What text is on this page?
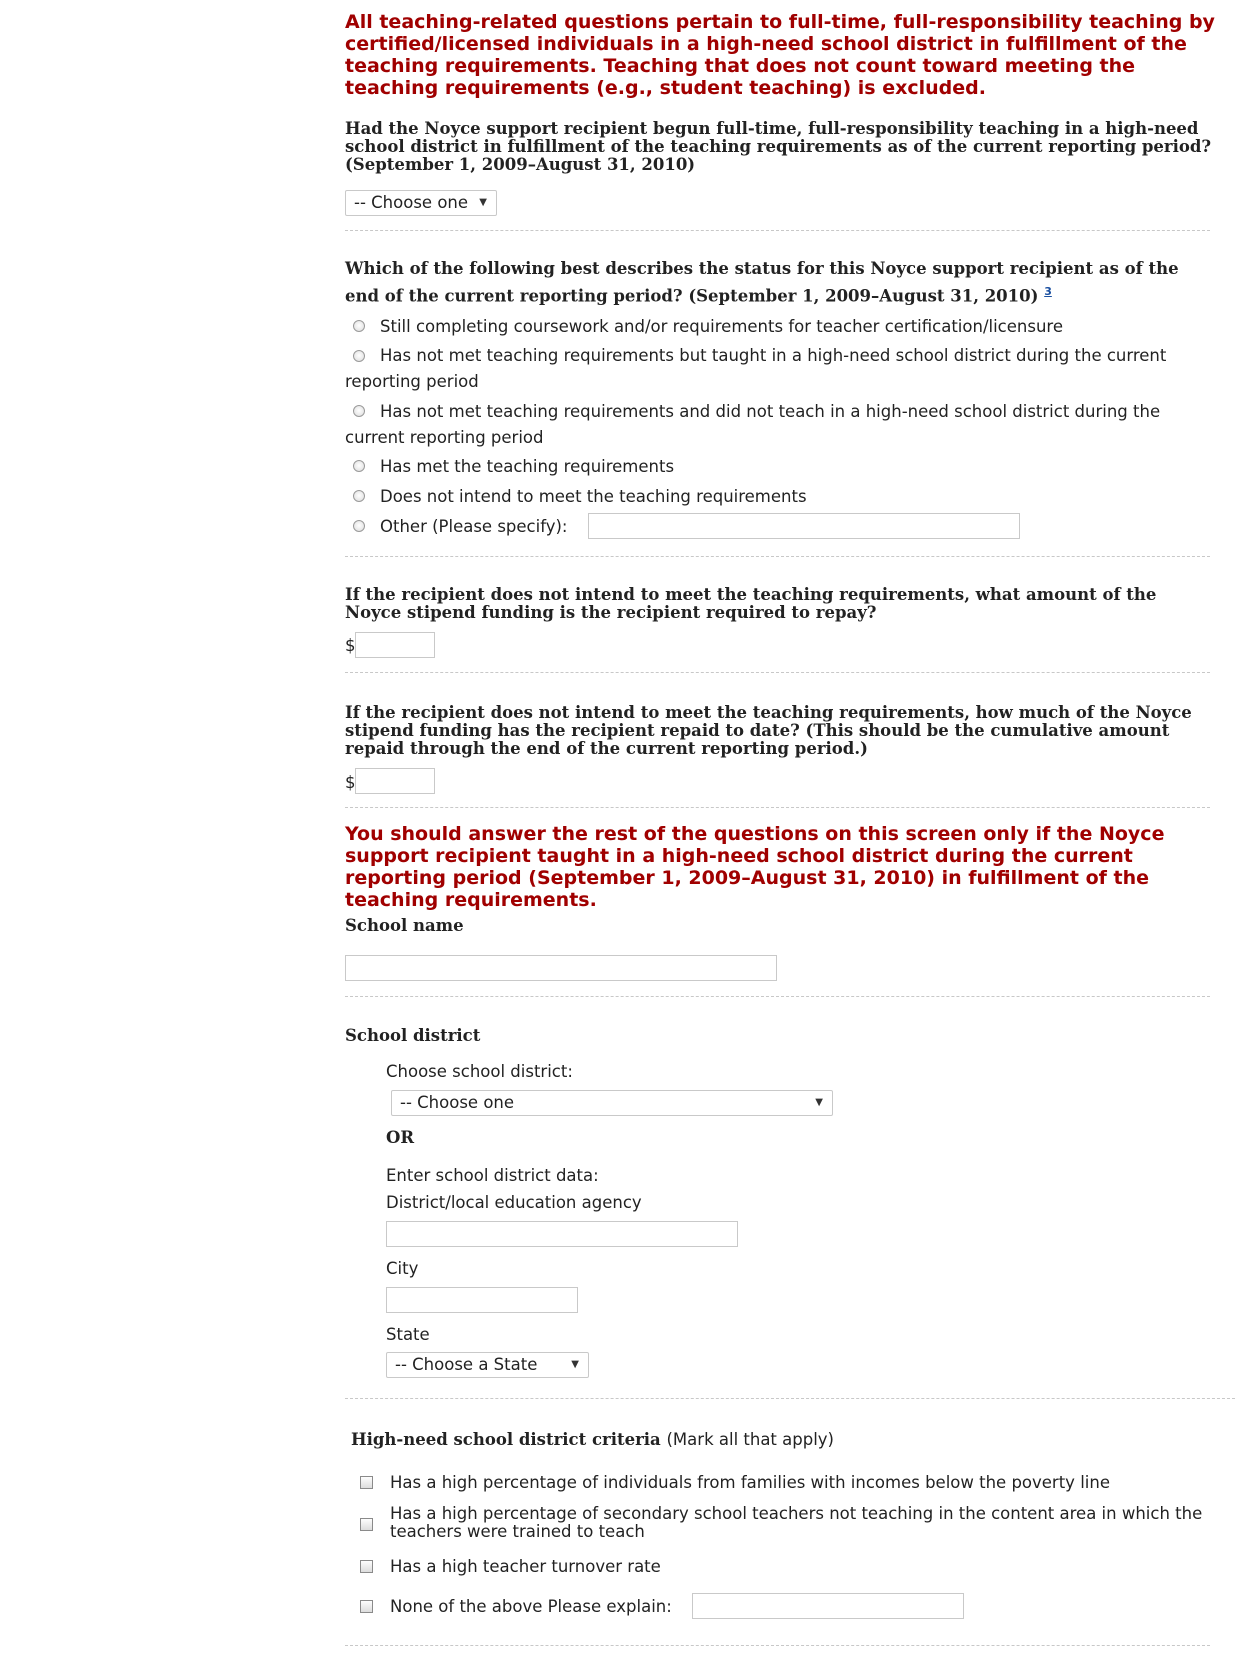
All teaching-related questions pertain to full-time, full-responsibility teaching by certified/licensed individuals in a high-need school district in fulfillment of the teaching requirements. Teaching that does not count toward meeting the teaching requirements (e.g., student teaching) is excluded.
Had the Noyce support recipient begun full-time, full-responsibility teaching in a high-need school district in fulfillment of the teaching requirements as of the current reporting period? (September 1, 2009–August 31, 2010)
-- Choose one ▼
Which of the following best describes the status for this Noyce support recipient as of the end of the current reporting period? (September 1, 2009–August 31, 2010) $^3$
Still completing coursework and/or requirements for teacher certification/licensure
Has not met teaching requirements but taught in a high-need school district during the current
reporting period
Has not met teaching requirements and did not teach in a high-need school district during the
current reporting period
Has met the teaching requirements
Does not intend to meet the teaching requirements
Other (Please specify):
If the recipient does not intend to meet the teaching requirements, what amount of the Noyce stipend funding is the recipient required to repay?
$
If the recipient does not intend to meet the teaching requirements, how much of the Noyce stipend funding has the recipient repaid to date? (This should be the cumulative amount repaid through the end of the current reporting period.)
$
You should answer the rest of the questions on this screen only if the Noyce support recipient taught in a high-need school district during the current reporting period (September 1, 2009–August 31, 2010) in fulfillment of the teaching requirements.
School name
School district
Choose school district:
-- Choose one	▼
OR
Enter school district data:
District/local education agency
City
State
-- Choose a State	▼
High-need school district criteria (Mark all that apply)
Has a high percentage of individuals from families with incomes below the poverty line
Has a high percentage of secondary school teachers not teaching in the content area in which the
teachers were trained to teach
Has a high teacher turnover rate
None of the above Please explain:
